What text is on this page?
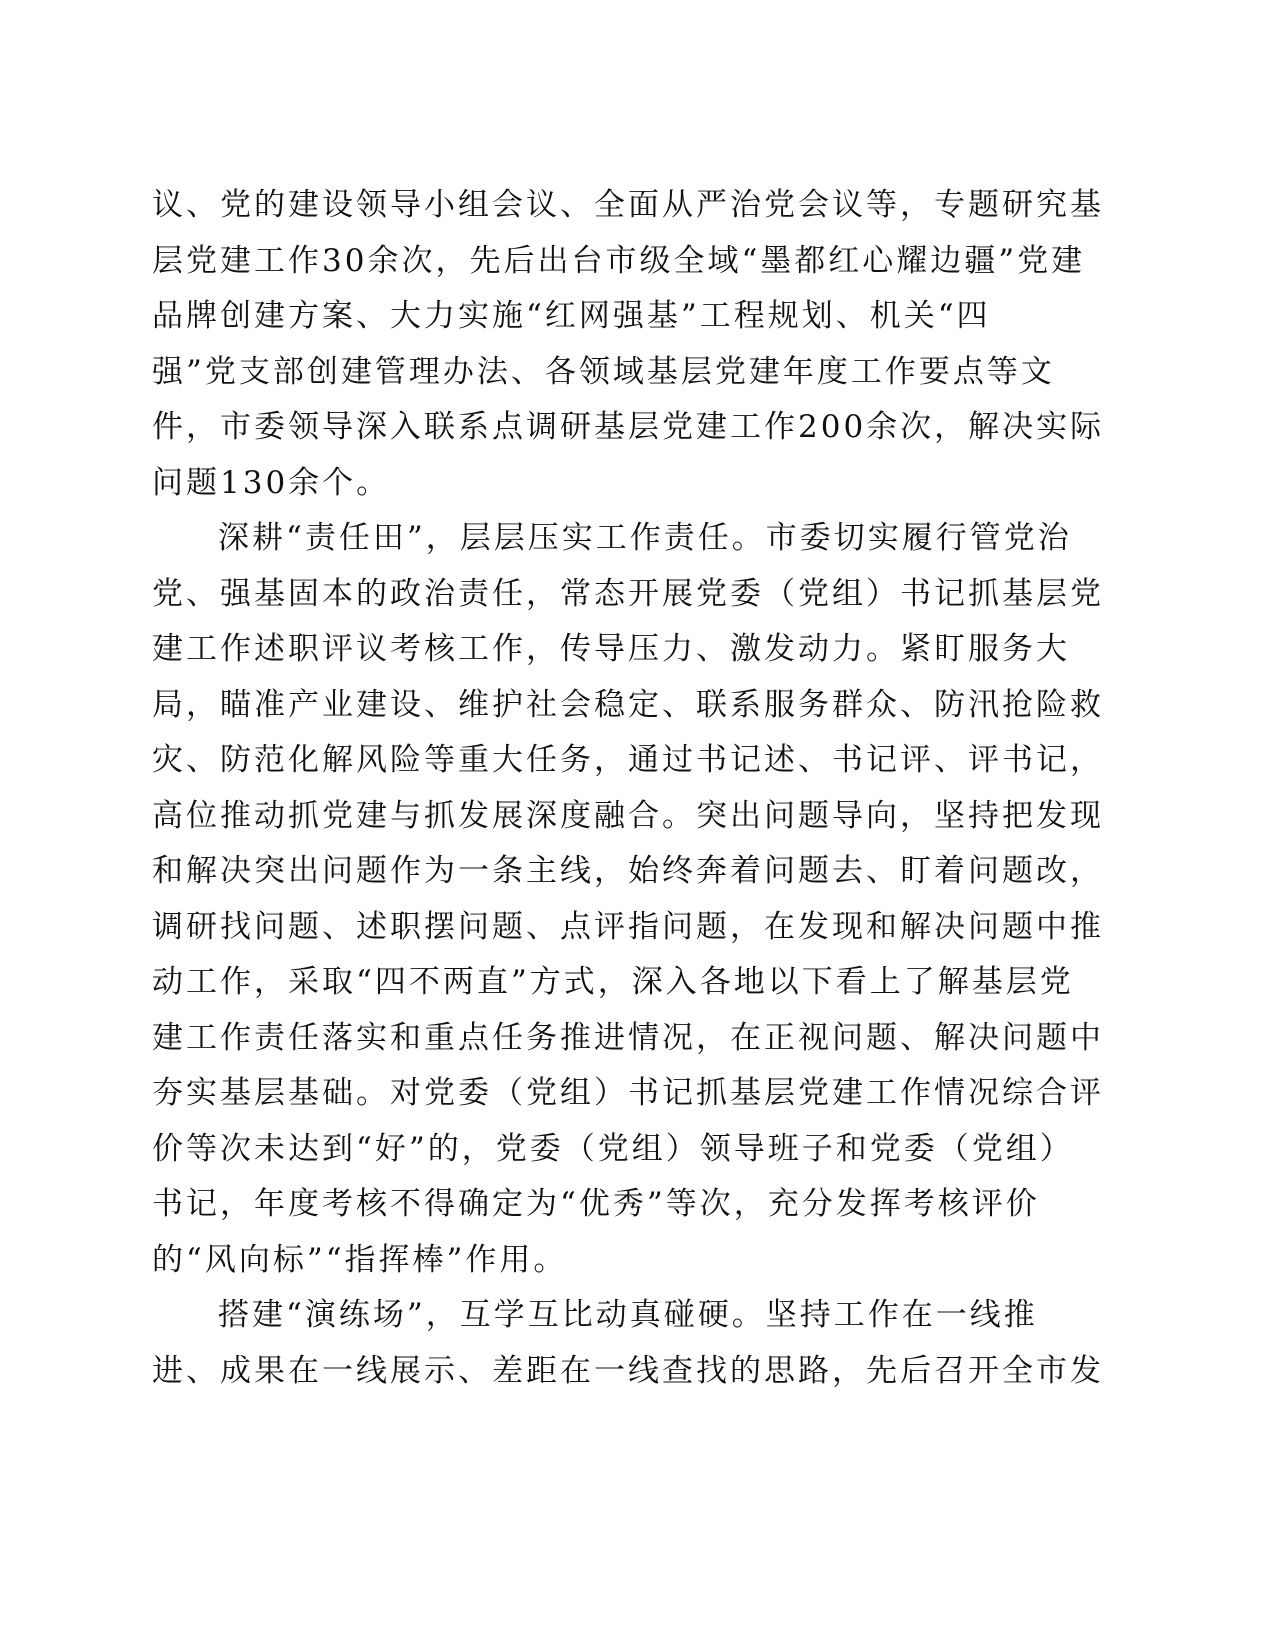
议、党的建设领导小组会议、全面从严治党会议等，专题研究基
层党建工作30余次，先后出台市级全域“墨都红心耀边疆”党建
品牌创建方案、大力实施“红网强基”工程规划、机关“四
强”党支部创建管理办法、各领域基层党建年度工作要点等文
件，市委领导深入联系点调研基层党建工作200余次，解决实际
问题130余个。
深耕“责任田”，层层压实工作责任。市委切实履行管党治
党、强基固本的政治责任，常态开展党委（党组）书记抓基层党
建工作述职评议考核工作，传导压力、激发动力。紧盯服务大
局，瞄准产业建设、维护社会稳定、联系服务群众、防汛抢险救
灾、防范化解风险等重大任务，通过书记述、书记评、评书记，
高位推动抓党建与抓发展深度融合。突出问题导向，坚持把发现
和解决突出问题作为一条主线，始终奔着问题去、盯着问题改，
调研找问题、述职摆问题、点评指问题，在发现和解决问题中推
动工作，采取“四不两直”方式，深入各地以下看上了解基层党
建工作责任落实和重点任务推进情况，在正视问题、解决问题中
夯实基层基础。对党委（党组）书记抓基层党建工作情况综合评
价等次未达到“好”的，党委（党组）领导班子和党委（党组）
书记，年度考核不得确定为“优秀”等次，充分发挥考核评价
的“风向标”“指挥棒”作用。
搭建“演练场”，互学互比动真碰硬。坚持工作在一线推
进、成果在一线展示、差距在一线查找的思路，先后召开全市发
